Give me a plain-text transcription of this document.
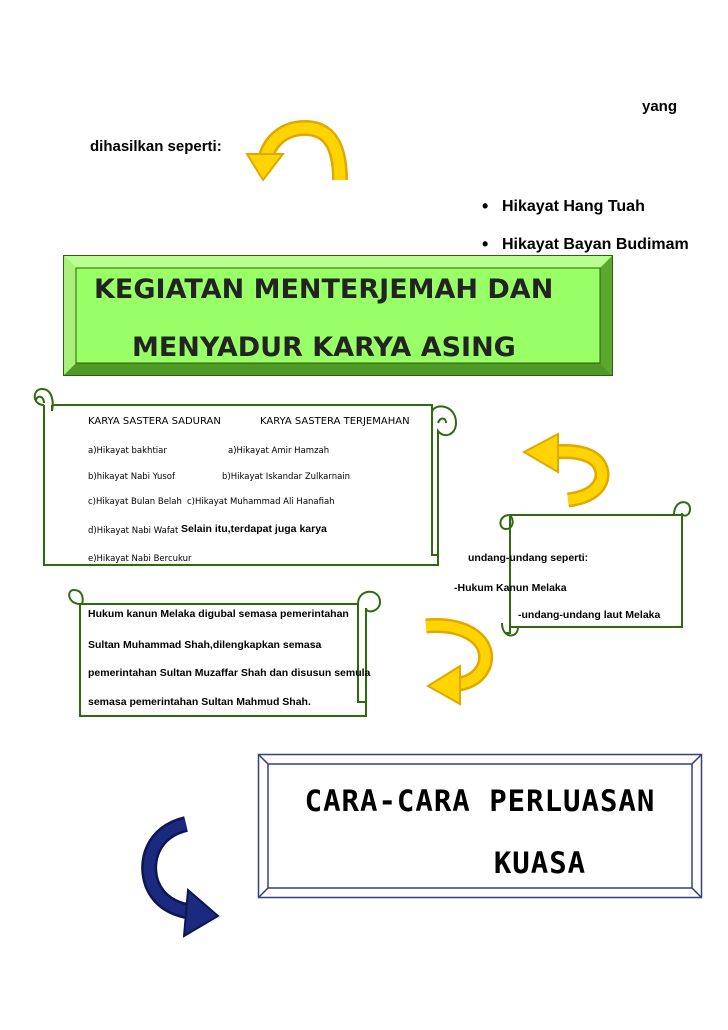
yang
dihasilkan seperti:
• Hikayat Hang Tuah
• Hikayat Bayan Budimam
KEGIATAN MENTERJEMAH DAN
MENYADUR KARYA ASING
KARYA SASTERA SADURAN	KARYA SASTERA TERJEMAHAN
a)Hikayat bakhtiar	a)Hikayat Amir Hamzah
b)hikayat Nabi Yusof	b)Hikayat Iskandar Zulkarnain
c)Hikayat Bulan Belah c)Hikayat Muhammad Ali Hanafiah
d)Hikayat Nabi Wafat Selain itu,terdapat juga karya
e)Hikayat Nabi Bercukur	undang-undang seperti:
-Hukum Kanun Melaka
-undang-undang laut Melaka
Hukum kanun Melaka digubal semasa pemerintahan
Sultan Muhammad Shah,dilengkapkan semasa
pemerintahan Sultan Muzaffar Shah dan disusun semula
semasa pemerintahan Sultan Mahmud Shah.
CARA-CARA PERLUASAN
KUASA
